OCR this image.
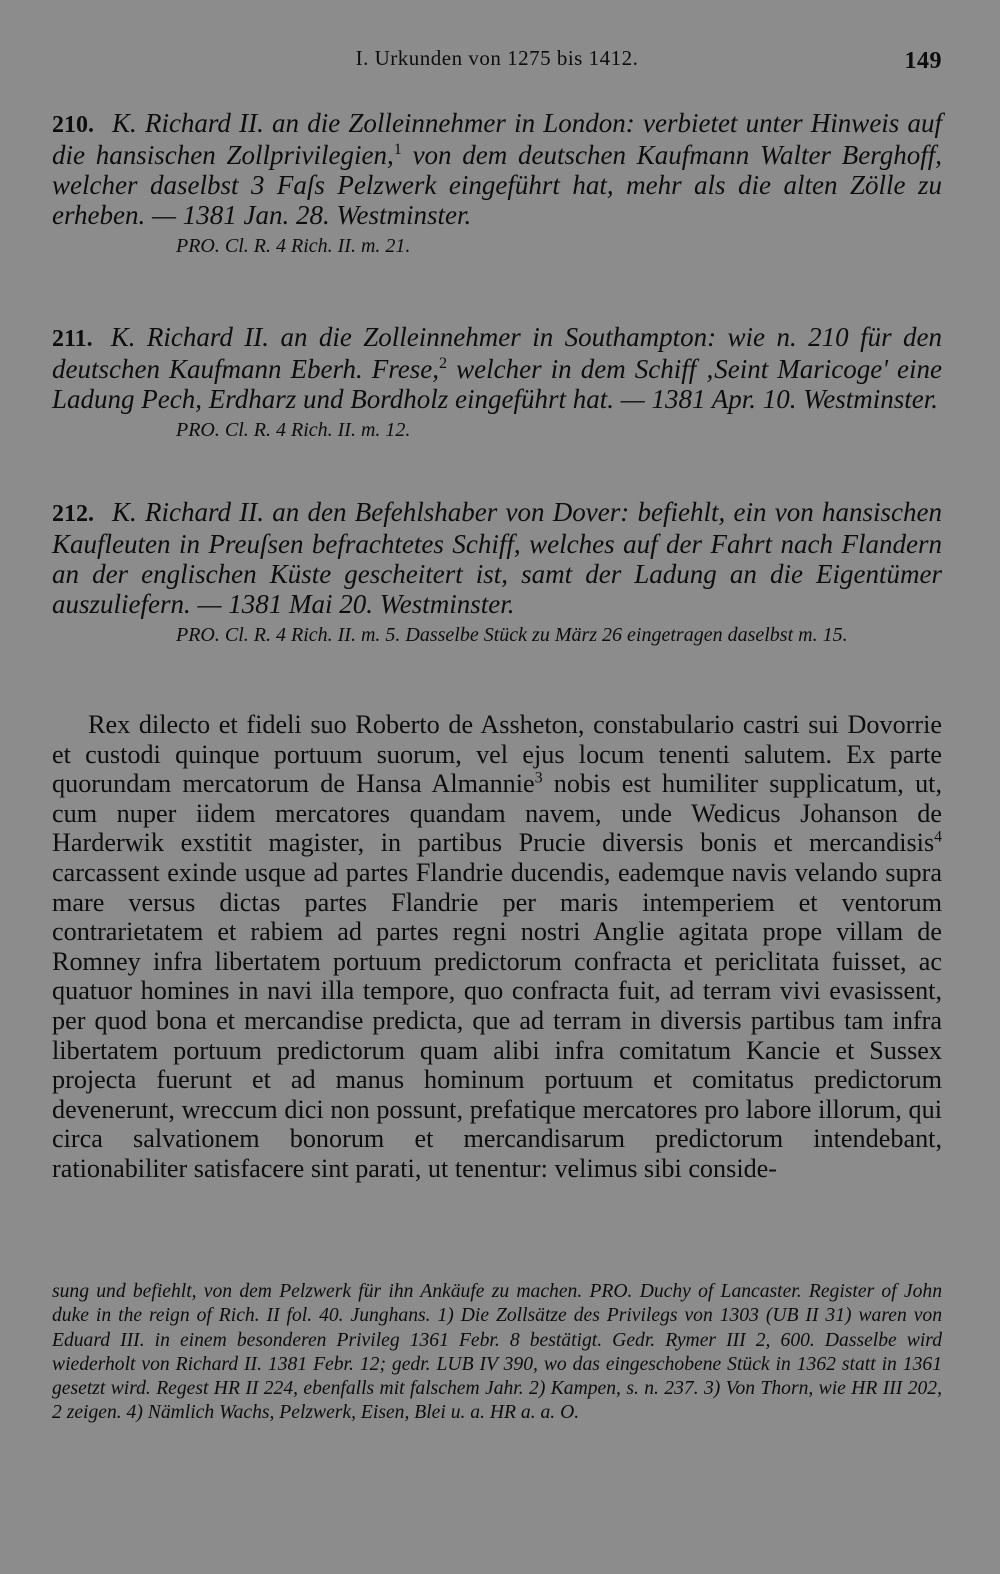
I. Urkunden von 1275 bis 1412.	149

210. K. Richard II. an die Zolleinnehmer in London: verbietet unter Hinweis auf die hansischen Zollprivilegien,$^1$ von dem deutschen Kaufmann Walter Berghoff, welcher daselbst 3 Faſs Pelzwerk eingeführt hat, mehr als die alten Zölle zu erheben. — 1381 Jan. 28. Westminster.

PRO. Cl. R. 4 Rich. II. m. 21.

211. K. Richard II. an die Zolleinnehmer in Southampton: wie n. 210 für den deutschen Kaufmann Eberh. Frese,$^2$ welcher in dem Schiff ‚Seint Maricoge' eine Ladung Pech, Erdharz und Bordholz eingeführt hat. — 1381 Apr. 10. Westminster.

PRO. Cl. R. 4 Rich. II. m. 12.

212. K. Richard II. an den Befehlshaber von Dover: befiehlt, ein von hansischen Kaufleuten in Preuſsen befrachtetes Schiff, welches auf der Fahrt nach Flandern an der englischen Küste gescheitert ist, samt der Ladung an die Eigentümer auszuliefern. — 1381 Mai 20. Westminster.

PRO. Cl. R. 4 Rich. II. m. 5. Dasselbe Stück zu März 26 eingetragen daselbst m. 15.

Rex dilecto et fideli suo Roberto de Assheton, constabulario castri sui Dovorrie et custodi quinque portuum suorum, vel ejus locum tenenti salutem. Ex parte quorundam mercatorum de Hansa Almannie$^3$ nobis est humiliter supplicatum, ut, cum nuper iidem mercatores quandam navem, unde Wedicus Johanson de Harderwik exstitit magister, in partibus Prucie diversis bonis et mercandisis$^4$ carcassent exinde usque ad partes Flandrie ducendis, eademque navis velando supra mare versus dictas partes Flandrie per maris intemperiem et ventorum contrarietatem et rabiem ad partes regni nostri Anglie agitata prope villam de Romney infra libertatem portuum predictorum confracta et periclitata fuisset, ac quatuor homines in navi illa tempore, quo confracta fuit, ad terram vivi evasissent, per quod bona et mercandise predicta, que ad terram in diversis partibus tam infra libertatem portuum predictorum quam alibi infra comitatum Kancie et Sussex projecta fuerunt et ad manus hominum portuum et comitatus predictorum devenerunt, wreccum dici non possunt, prefatique mercatores pro labore illorum, qui circa salvationem bonorum et mercandisarum predictorum intendebant, rationabiliter satisfacere sint parati, ut tenentur: velimus sibi conside-

sung und befiehlt, von dem Pelzwerk für ihn Ankäufe zu machen. PRO. Duchy of Lancaster. Register of John duke in the reign of Rich. II fol. 40. Junghans. 1) Die Zollsätze des Privilegs von 1303 (UB II 31) waren von Eduard III. in einem besonderen Privileg 1361 Febr. 8 bestätigt. Gedr. Rymer III 2, 600. Dasselbe wird wiederholt von Richard II. 1381 Febr. 12; gedr. LUB IV 390, wo das eingeschobene Stück in 1362 statt in 1361 gesetzt wird. Regest HR II 224, ebenfalls mit falschem Jahr. 2) Kampen, s. n. 237. 3) Von Thorn, wie HR III 202, 2 zeigen. 4) Nämlich Wachs, Pelzwerk, Eisen, Blei u. a. HR a. a. O.
